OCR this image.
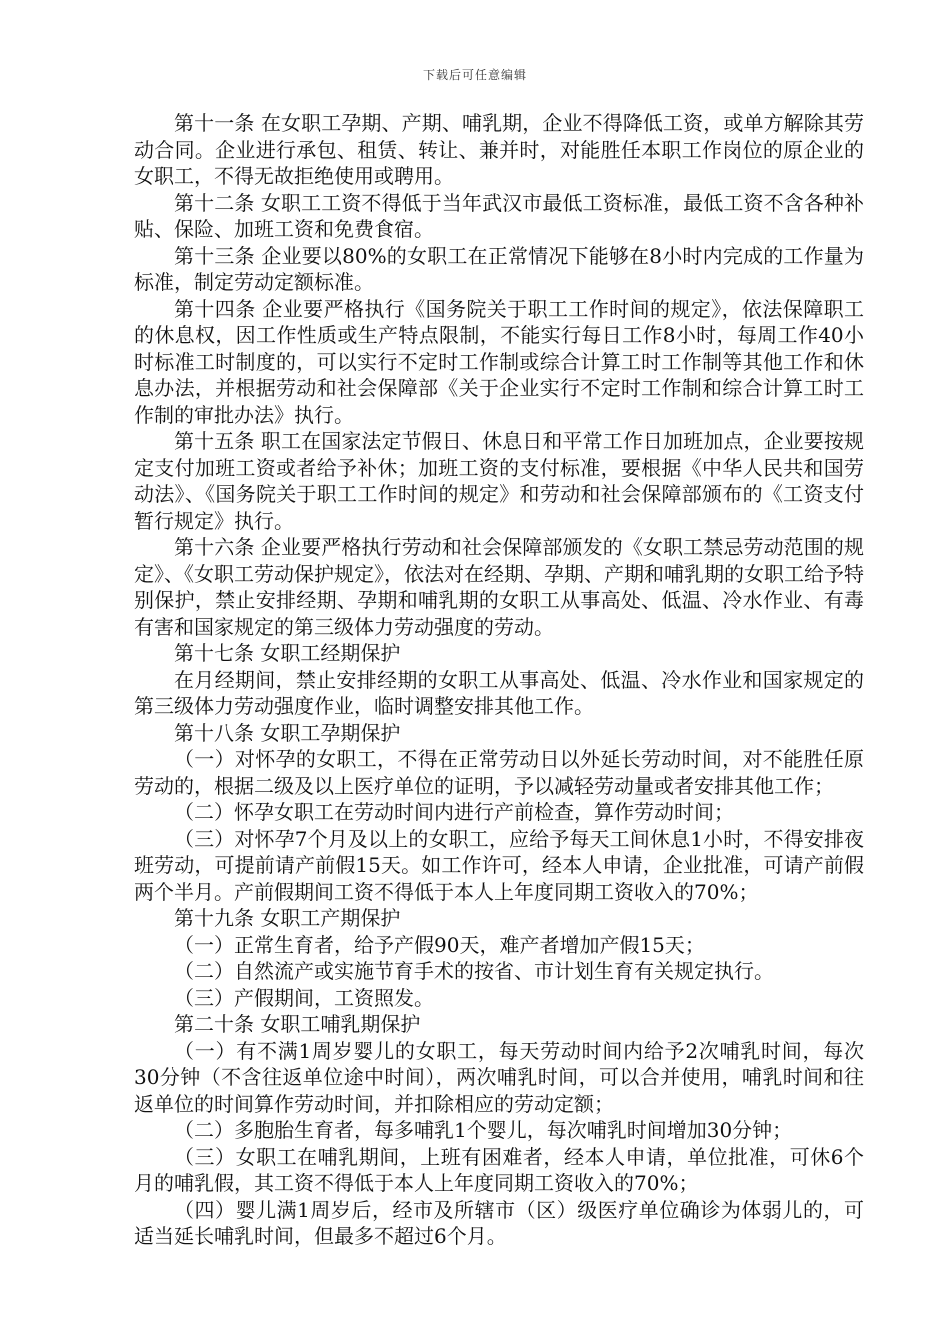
下载后可任意编辑

第十一条 在女职工孕期、产期、哺乳期，企业不得降低工资，或单方解除其劳动合同。企业进行承包、租赁、转让、兼并时，对能胜任本职工作岗位的原企业的女职工，不得无故拒绝使用或聘用。

第十二条 女职工工资不得低于当年武汉市最低工资标准，最低工资不含各种补贴、保险、加班工资和免费食宿。

第十三条 企业要以80%的女职工在正常情况下能够在8小时内完成的工作量为标准，制定劳动定额标准。

第十四条 企业要严格执行《国务院关于职工工作时间的规定》，依法保障职工的休息权，因工作性质或生产特点限制，不能实行每日工作8小时，每周工作40小时标准工时制度的，可以实行不定时工作制或综合计算工时工作制等其他工作和休息办法，并根据劳动和社会保障部《关于企业实行不定时工作制和综合计算工时工作制的审批办法》执行。

第十五条 职工在国家法定节假日、休息日和平常工作日加班加点，企业要按规定支付加班工资或者给予补休；加班工资的支付标准，要根据《中华人民共和国劳动法》、《国务院关于职工工作时间的规定》和劳动和社会保障部颁布的《工资支付暂行规定》执行。

第十六条 企业要严格执行劳动和社会保障部颁发的《女职工禁忌劳动范围的规定》、《女职工劳动保护规定》，依法对在经期、孕期、产期和哺乳期的女职工给予特别保护，禁止安排经期、孕期和哺乳期的女职工从事高处、低温、冷水作业、有毒有害和国家规定的第三级体力劳动强度的劳动。

第十七条 女职工经期保护

在月经期间，禁止安排经期的女职工从事高处、低温、冷水作业和国家规定的第三级体力劳动强度作业，临时调整安排其他工作。

第十八条 女职工孕期保护

（一）对怀孕的女职工，不得在正常劳动日以外延长劳动时间，对不能胜任原劳动的，根据二级及以上医疗单位的证明，予以减轻劳动量或者安排其他工作；

（二）怀孕女职工在劳动时间内进行产前检查，算作劳动时间；

（三）对怀孕7个月及以上的女职工，应给予每天工间休息1小时，不得安排夜班劳动，可提前请产前假15天。如工作许可，经本人申请，企业批准，可请产前假两个半月。产前假期间工资不得低于本人上年度同期工资收入的70%；

第十九条 女职工产期保护

（一）正常生育者，给予产假90天，难产者增加产假15天；

（二）自然流产或实施节育手术的按省、市计划生育有关规定执行。

（三）产假期间，工资照发。

第二十条 女职工哺乳期保护

（一）有不满1周岁婴儿的女职工，每天劳动时间内给予2次哺乳时间，每次30分钟（不含往返单位途中时间），两次哺乳时间，可以合并使用，哺乳时间和往返单位的时间算作劳动时间，并扣除相应的劳动定额；

（二）多胞胎生育者，每多哺乳1个婴儿，每次哺乳时间增加30分钟；

（三）女职工在哺乳期间，上班有困难者，经本人申请，单位批准，可休6个月的哺乳假，其工资不得低于本人上年度同期工资收入的70%；

（四）婴儿满1周岁后，经市及所辖市（区）级医疗单位确诊为体弱儿的，可适当延长哺乳时间，但最多不超过6个月。
